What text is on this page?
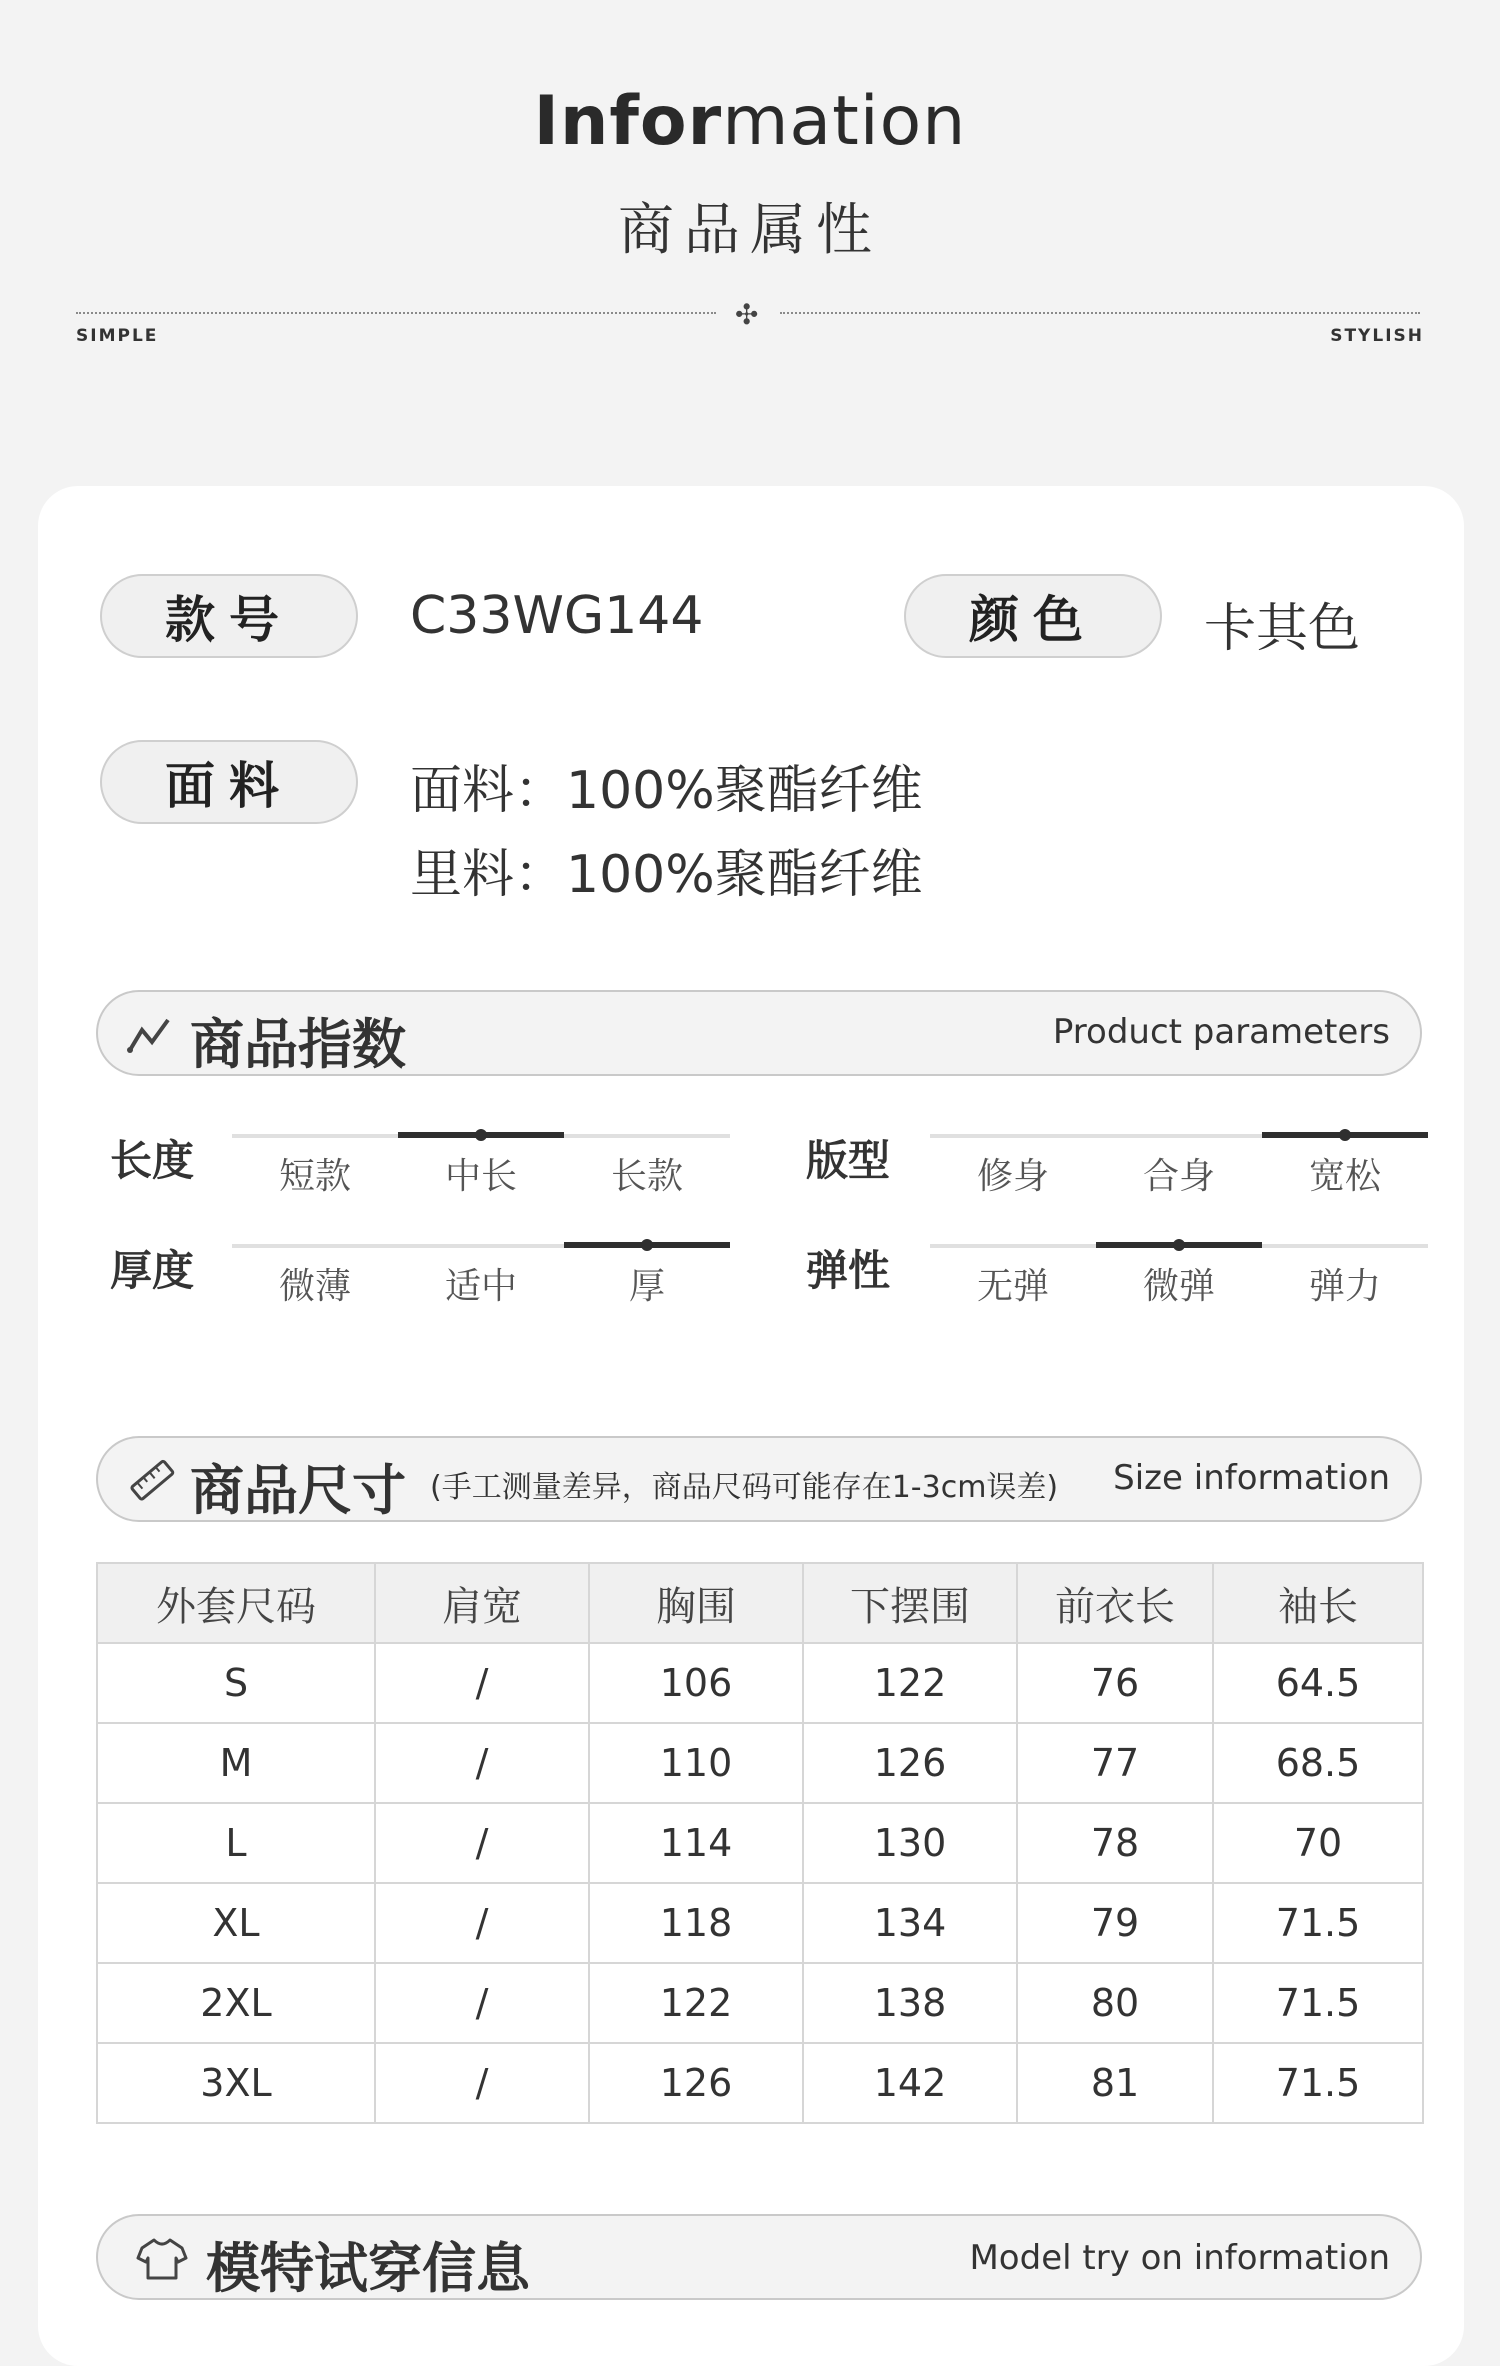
Information
商品属性
✣
SIMPLE	STYLISH
款号	C33WG144	颜色	卡其色
面料	面料：100%聚酯纤维
里料：100%聚酯纤维
商品指数	Product parameters
长度	短款	中长	长款	版型	修身	合身	宽松
厚度	微薄	适中	厚	弹性	无弹	微弹	弹力
商品尺寸 (手工测量差异，商品尺码可能存在1-3cm误差) Size information
外套尺码	肩宽	胸围	下摆围	前衣长	袖长
S	/	106	122	76	64.5
M	/	110	126	77	68.5
L	/	114	130	78	70
XL	/	118	134	79	71.5
2XL	/	122	138	80	71.5
3XL	/	126	142	81	71.5
模特试穿信息	Model try on information
